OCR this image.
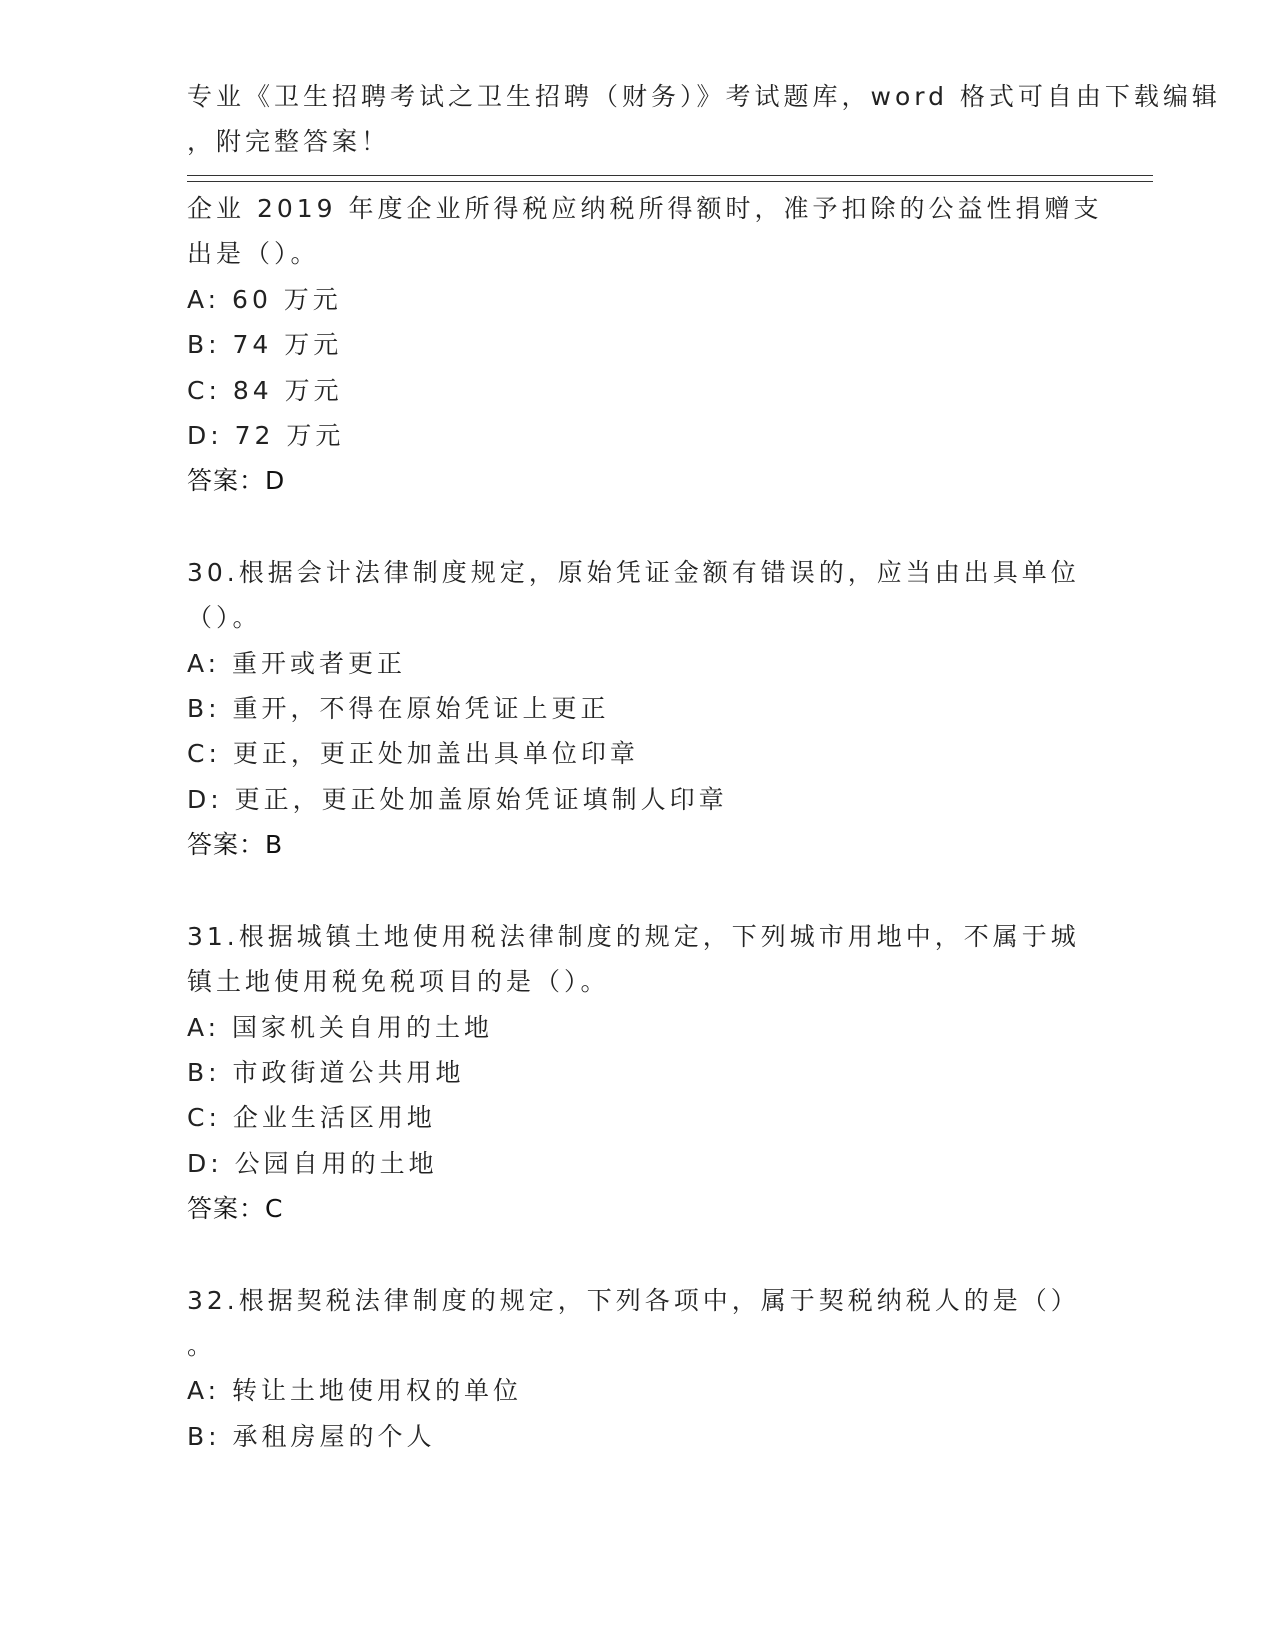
专业《卫生招聘考试之卫生招聘（财务）》考试题库，word 格式可自由下载编辑
，附完整答案！
企业 2019 年度企业所得税应纳税所得额时，准予扣除的公益性捐赠支
出是（）。
A: 60 万元
B: 74 万元
C: 84 万元
D: 72 万元
答案：D
30.根据会计法律制度规定，原始凭证金额有错误的，应当由出具单位
（）。
A: 重开或者更正
B: 重开，不得在原始凭证上更正
C: 更正，更正处加盖出具单位印章
D: 更正，更正处加盖原始凭证填制人印章
答案：B
31.根据城镇土地使用税法律制度的规定，下列城市用地中，不属于城
镇土地使用税免税项目的是（）。
A: 国家机关自用的土地
B: 市政街道公共用地
C: 企业生活区用地
D: 公园自用的土地
答案：C
32.根据契税法律制度的规定，下列各项中，属于契税纳税人的是（）
。
A: 转让土地使用权的单位
B: 承租房屋的个人
